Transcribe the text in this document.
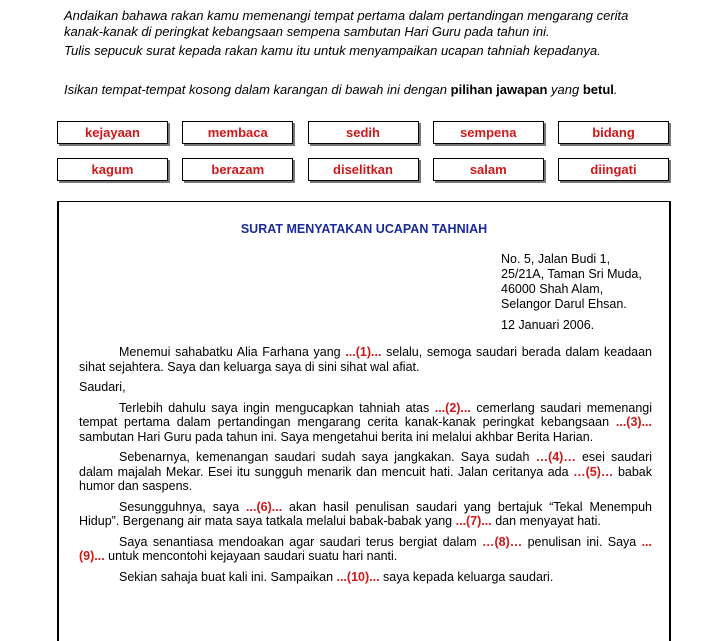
Andaikan bahawa rakan kamu memenangi tempat pertama dalam pertandingan mengarang cerita kanak-kanak di peringkat kebangsaan sempena sambutan Hari Guru pada tahun ini.

Tulis sepucuk surat kepada rakan kamu itu untuk menyampaikan ucapan tahniah kepadanya.

Isikan tempat-tempat kosong dalam karangan di bawah ini dengan pilihan jawapan yang betul.
kejayaan	membaca	sedih	sempena	bidang
kagum	berazam	diselitkan	salam	diingati
SURAT MENYATAKAN UCAPAN TAHNIAH
No. 5, Jalan Budi 1,
25/21A, Taman Sri Muda,
46000 Shah Alam,
Selangor Darul Ehsan.
12 Januari 2006.

Menemui sahabatku Alia Farhana yang ...(1)... selalu, semoga saudari berada dalam keadaan sihat sejahtera. Saya dan keluarga saya di sini sihat wal afiat.

Saudari,

Terlebih dahulu saya ingin mengucapkan tahniah atas ...(2)... cemerlang saudari memenangi tempat pertama dalam pertandingan mengarang cerita kanak-kanak peringkat kebangsaan ...(3)... sambutan Hari Guru pada tahun ini. Saya mengetahui berita ini melalui akhbar Berita Harian.

Sebenarnya, kemenangan saudari sudah saya jangkakan. Saya sudah …(4)… esei saudari dalam majalah Mekar. Esei itu sungguh menarik dan mencuit hati. Jalan ceritanya ada …(5)… babak humor dan saspens.

Sesungguhnya, saya ...(6)... akan hasil penulisan saudari yang bertajuk “Tekal Menempuh Hidup”. Bergenang air mata saya tatkala melalui babak-babak yang ...(7)... dan menyayat hati.

Saya senantiasa mendoakan agar saudari terus bergiat dalam …(8)… penulisan ini. Saya ...(9)... untuk mencontohi kejayaan saudari suatu hari nanti.

Sekian sahaja buat kali ini. Sampaikan ...(10)... saya kepada keluarga saudari.
